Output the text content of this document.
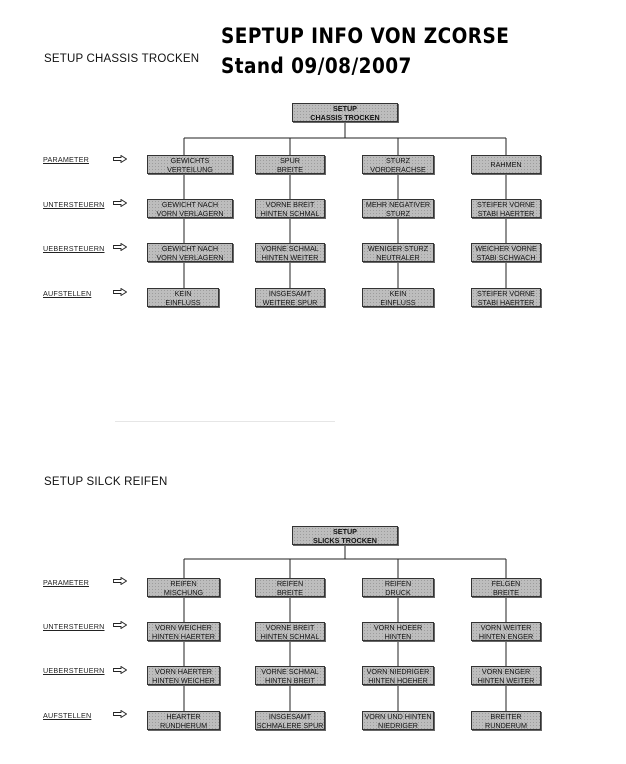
SEPTUP INFO VON ZCORSE
Stand 09/08/2007
SETUP CHASSIS TROCKEN
SETUP SILCK REIFEN
SETUP
CHASSIS TROCKEN
PARAMETER
UNTERSTEUERN
UEBERSTEUERN
AUFSTELLEN
GEWICHTS
VERTEILUNG
SPUR
BREITE
STURZ
VORDERACHSE	RAHMEN
GEWICHT NACH
VORN VERLAGERN
VORNE BREIT
HINTEN SCHMAL
MEHR NEGATIVER
STURZ
STEIFER VORNE
STABI HAERTER
GEWICHT NACH
VORN VERLAGERN
VORNE SCHMAL
HINTEN WEITER
WENIGER STURZ
NEUTRALER
WEICHER VORNE
STABI SCHWACH
KEIN
EINFLUSS
INSGESAMT
WEITERE SPUR
KEIN
EINFLUSS
STEIFER VORNE
STABI HAERTER
SETUP
SLICKS TROCKEN
PARAMETER
UNTERSTEUERN
UEBERSTEUERN
AUFSTELLEN
REIFEN
MISCHUNG
REIFEN
BREITE
REIFEN
DRUCK
FELGEN
BREITE
VORN WEICHER
HINTEN HAERTER
VORNE BREIT
HINTEN SCHMAL
VORN HOEER
HINTEN
VORN WEITER
HINTEN ENGER
VORN HAERTER
HINTEN WEICHER
VORNE SCHMAL
HINTEN BREIT
VORN NIEDRIGER
HINTEN HOEHER
VORN ENGER
HINTEN WEITER
HEARTER
RUNDHERUM
INSGESAMT
SCHMALERE SPUR
VORN UND HINTEN
NIEDRIGER
BREITER
RUNDERUM
